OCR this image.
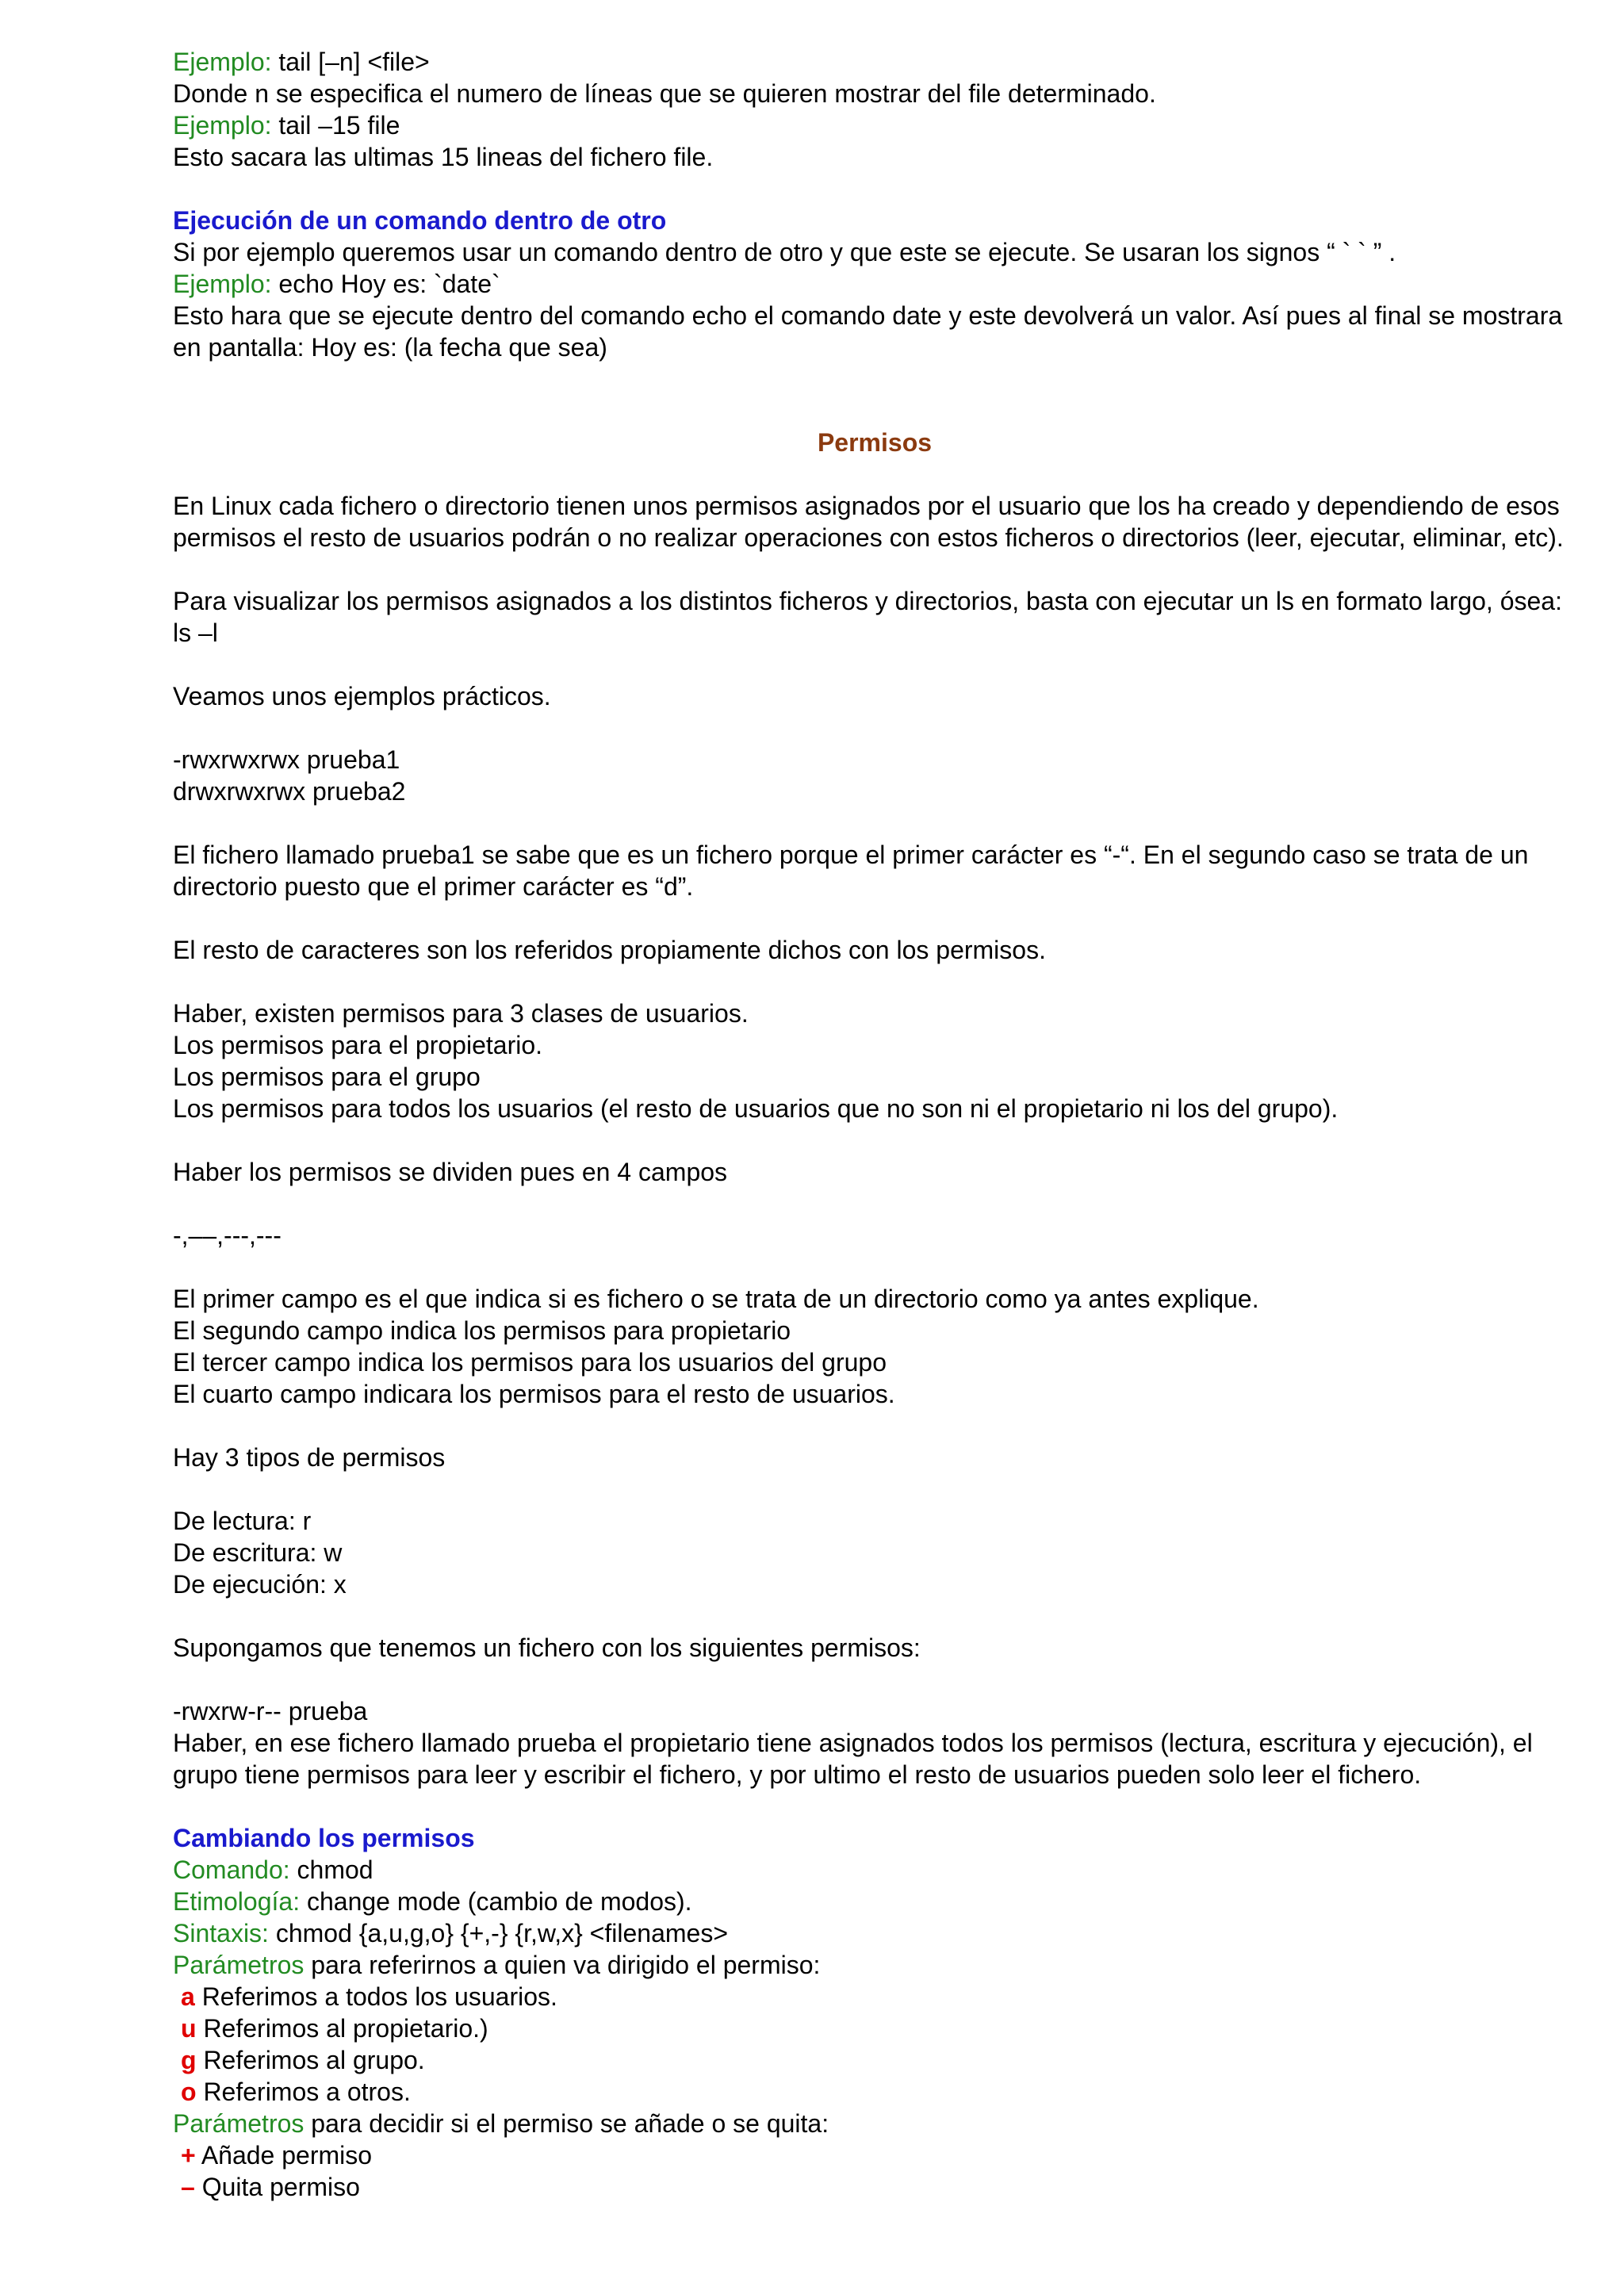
Ejemplo: tail [–n] <file>
Donde n se especifica el numero de líneas que se quieren mostrar del file determinado.
Ejemplo: tail –15 file
Esto sacara las ultimas 15 lineas del fichero file.
Ejecución de un comando dentro de otro
Si por ejemplo queremos usar un comando dentro de otro y que este se ejecute. Se usaran los signos “ ` ` ” .
Ejemplo: echo Hoy es: `date`
Esto hara que se ejecute dentro del comando echo el comando date y este devolverá un valor. Así pues al final se mostrara en pantalla: Hoy es: (la fecha que sea)
Permisos
En Linux cada fichero o directorio tienen unos permisos asignados por el usuario que los ha creado y dependiendo de esos permisos el resto de usuarios podrán o no realizar operaciones con estos ficheros o directorios (leer, ejecutar, eliminar, etc).
Para visualizar los permisos asignados a los distintos ficheros y directorios, basta con ejecutar un ls en formato largo, ósea: ls –l
Veamos unos ejemplos prácticos.
-rwxrwxrwx prueba1
drwxrwxrwx prueba2
El fichero llamado prueba1 se sabe que es un fichero porque el primer carácter es “-“. En el segundo caso se trata de un directorio puesto que el primer carácter es “d”.
El resto de caracteres son los referidos propiamente dichos con los permisos.
Haber, existen permisos para 3 clases de usuarios.
Los permisos para el propietario.
Los permisos para el grupo
Los permisos para todos los usuarios (el resto de usuarios que no son ni el propietario ni los del grupo).
Haber los permisos se dividen pues en 4 campos
-,––,---,---
El primer campo es el que indica si es fichero o se trata de un directorio como ya antes explique.
El segundo campo indica los permisos para propietario
El tercer campo indica los permisos para los usuarios del grupo
El cuarto campo indicara los permisos para el resto de usuarios.
Hay 3 tipos de permisos
De lectura: r
De escritura: w
De ejecución: x
Supongamos que tenemos un fichero con los siguientes permisos:
-rwxrw-r-- prueba
Haber, en ese fichero llamado prueba el propietario tiene asignados todos los permisos (lectura, escritura y ejecución), el grupo tiene permisos para leer y escribir el fichero, y por ultimo el resto de usuarios pueden solo leer el fichero.
Cambiando los permisos
Comando: chmod
Etimología: change mode (cambio de modos).
Sintaxis: chmod {a,u,g,o} {+,-} {r,w,x} <filenames>
Parámetros para referirnos a quien va dirigido el permiso:
a Referimos a todos los usuarios.
u Referimos al propietario.)
g Referimos al grupo.
o Referimos a otros.
Parámetros para decidir si el permiso se añade o se quita:
+ Añade permiso
– Quita permiso
